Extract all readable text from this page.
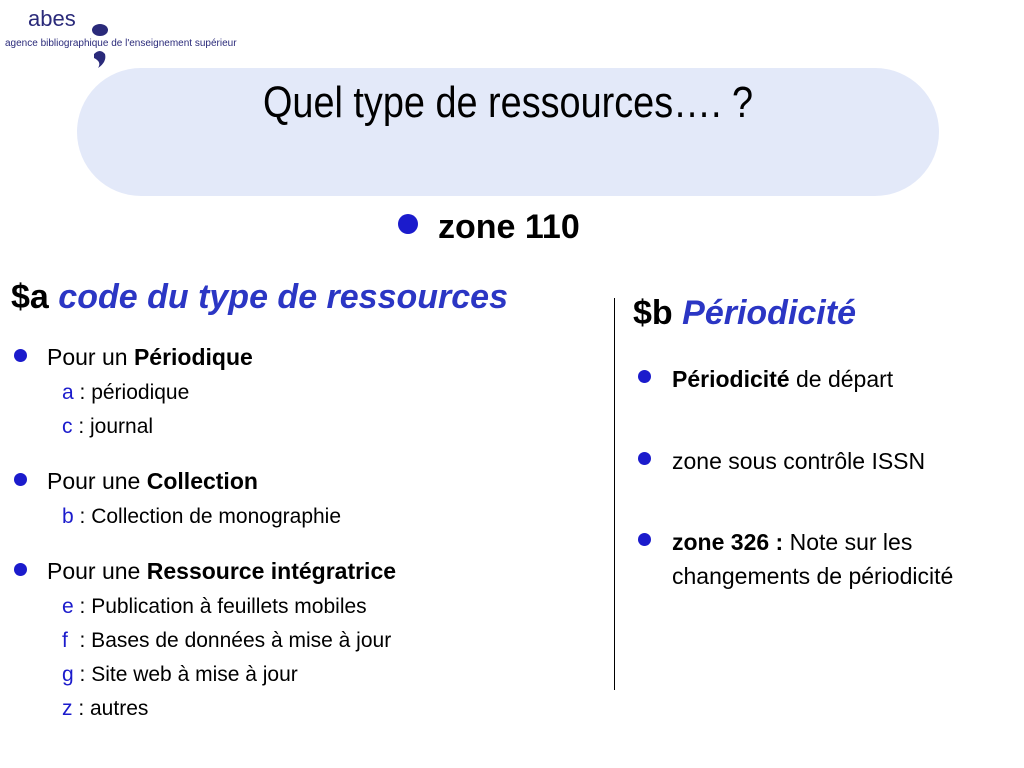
abes
agence bibliographique de l'enseignement supérieur
Quel type de ressources…. ?
zone 110
$a code du type de ressources	$b Périodicité
Pour un Périodique
a : périodique
c : journal
Pour une Collection
b : Collection de monographie
Pour une Ressource intégratrice
e : Publication à feuillets mobiles
f  : Bases de données à mise à jour
g : Site web à mise à jour
z : autres
Périodicité de départ
zone sous contrôle ISSN
zone 326 : Note sur les changements de périodicité
